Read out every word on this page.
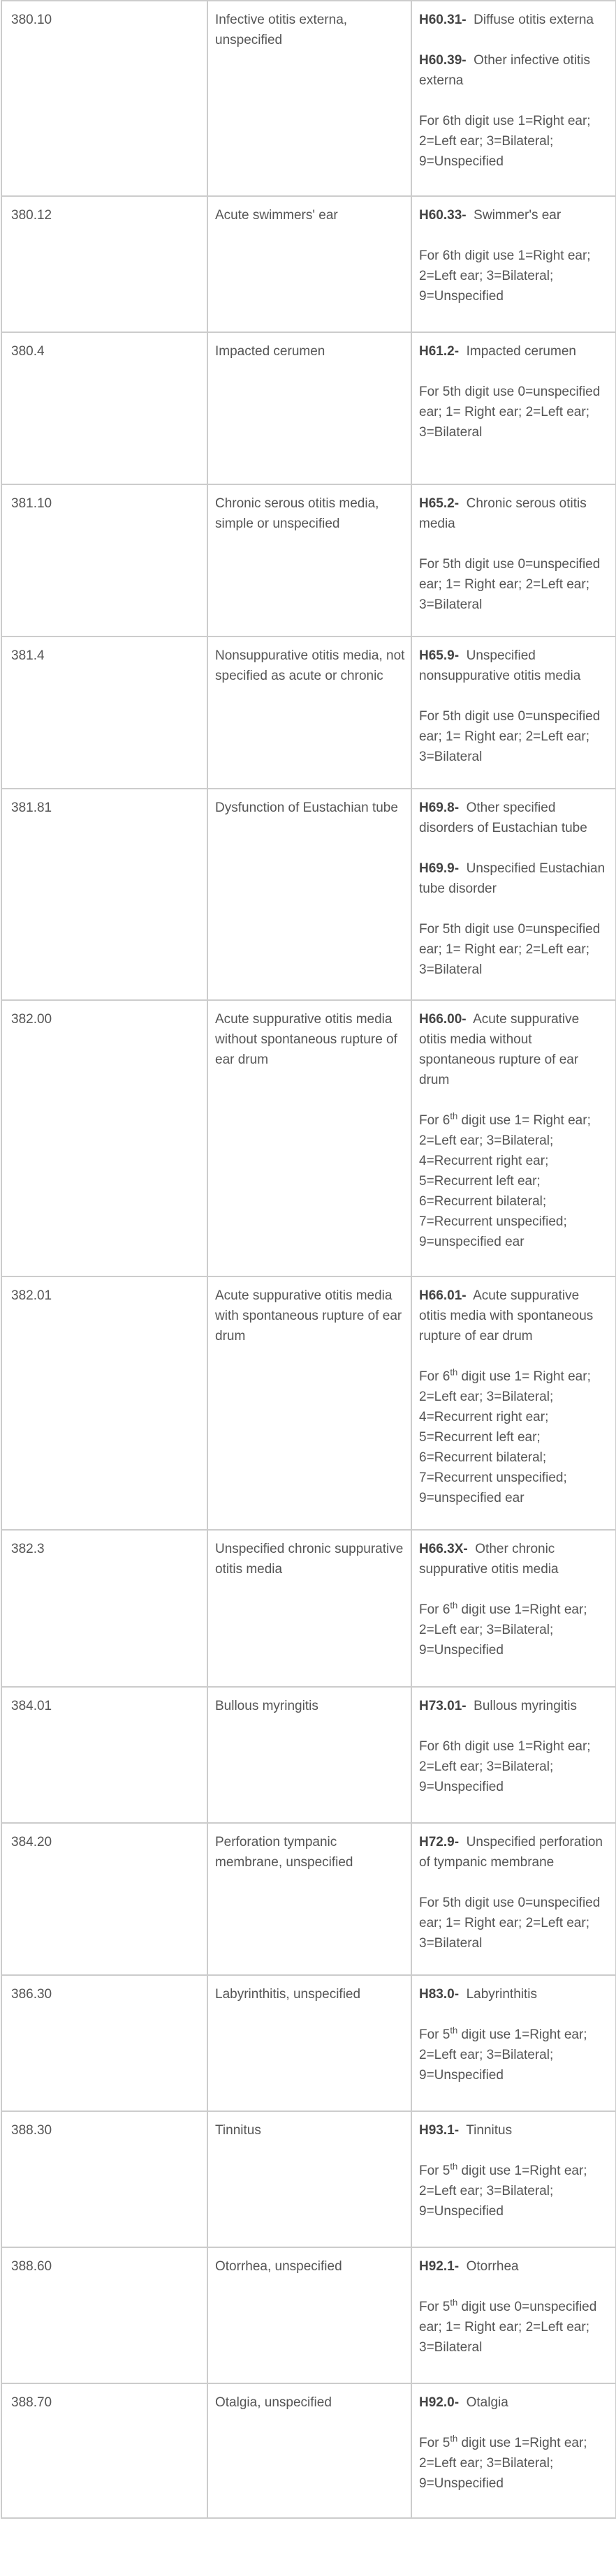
380.10	Infective otitis externa, unspecified	H60.31- Diffuse otitis externa
H60.39- Other infective otitis externa
For 6th digit use 1=Right ear; 2=Left ear; 3=Bilateral; 9=Unspecified

380.12	Acute swimmers' ear	H60.33- Swimmer's ear
For 6th digit use 1=Right ear; 2=Left ear; 3=Bilateral; 9=Unspecified

380.4	Impacted cerumen	H61.2- Impacted cerumen
For 5th digit use 0=unspecified ear; 1= Right ear; 2=Left ear; 3=Bilateral

381.10	Chronic serous otitis media, simple or unspecified	H65.2- Chronic serous otitis media
For 5th digit use 0=unspecified ear; 1= Right ear; 2=Left ear; 3=Bilateral

381.4	Nonsuppurative otitis media, not specified as acute or chronic	H65.9- Unspecified nonsuppurative otitis media
For 5th digit use 0=unspecified ear; 1= Right ear; 2=Left ear; 3=Bilateral

381.81	Dysfunction of Eustachian tube	H69.8- Other specified disorders of Eustachian tube
H69.9- Unspecified Eustachian tube disorder
For 5th digit use 0=unspecified ear; 1= Right ear; 2=Left ear; 3=Bilateral

382.00	Acute suppurative otitis media without spontaneous rupture of ear drum	H66.00- Acute suppurative otitis media without spontaneous rupture of ear drum
For 6th digit use 1= Right ear; 2=Left ear; 3=Bilateral; 4=Recurrent right ear; 5=Recurrent left ear; 6=Recurrent bilateral; 7=Recurrent unspecified; 9=unspecified ear

382.01	Acute suppurative otitis media with spontaneous rupture of ear drum	H66.01- Acute suppurative otitis media with spontaneous rupture of ear drum
For 6th digit use 1= Right ear; 2=Left ear; 3=Bilateral; 4=Recurrent right ear; 5=Recurrent left ear; 6=Recurrent bilateral; 7=Recurrent unspecified; 9=unspecified ear

382.3	Unspecified chronic suppurative otitis media	H66.3X- Other chronic suppurative otitis media
For 6th digit use 1=Right ear; 2=Left ear; 3=Bilateral; 9=Unspecified

384.01	Bullous myringitis	H73.01- Bullous myringitis
For 6th digit use 1=Right ear; 2=Left ear; 3=Bilateral; 9=Unspecified

384.20	Perforation tympanic membrane, unspecified	H72.9- Unspecified perforation of tympanic membrane
For 5th digit use 0=unspecified ear; 1= Right ear; 2=Left ear; 3=Bilateral

386.30	Labyrinthitis, unspecified	H83.0- Labyrinthitis
For 5th digit use 1=Right ear; 2=Left ear; 3=Bilateral; 9=Unspecified

388.30	Tinnitus	H93.1- Tinnitus
For 5th digit use 1=Right ear; 2=Left ear; 3=Bilateral; 9=Unspecified

388.60	Otorrhea, unspecified	H92.1- Otorrhea
For 5th digit use 0=unspecified ear; 1= Right ear; 2=Left ear; 3=Bilateral

388.70	Otalgia, unspecified	H92.0- Otalgia
For 5th digit use 1=Right ear; 2=Left ear; 3=Bilateral; 9=Unspecified
